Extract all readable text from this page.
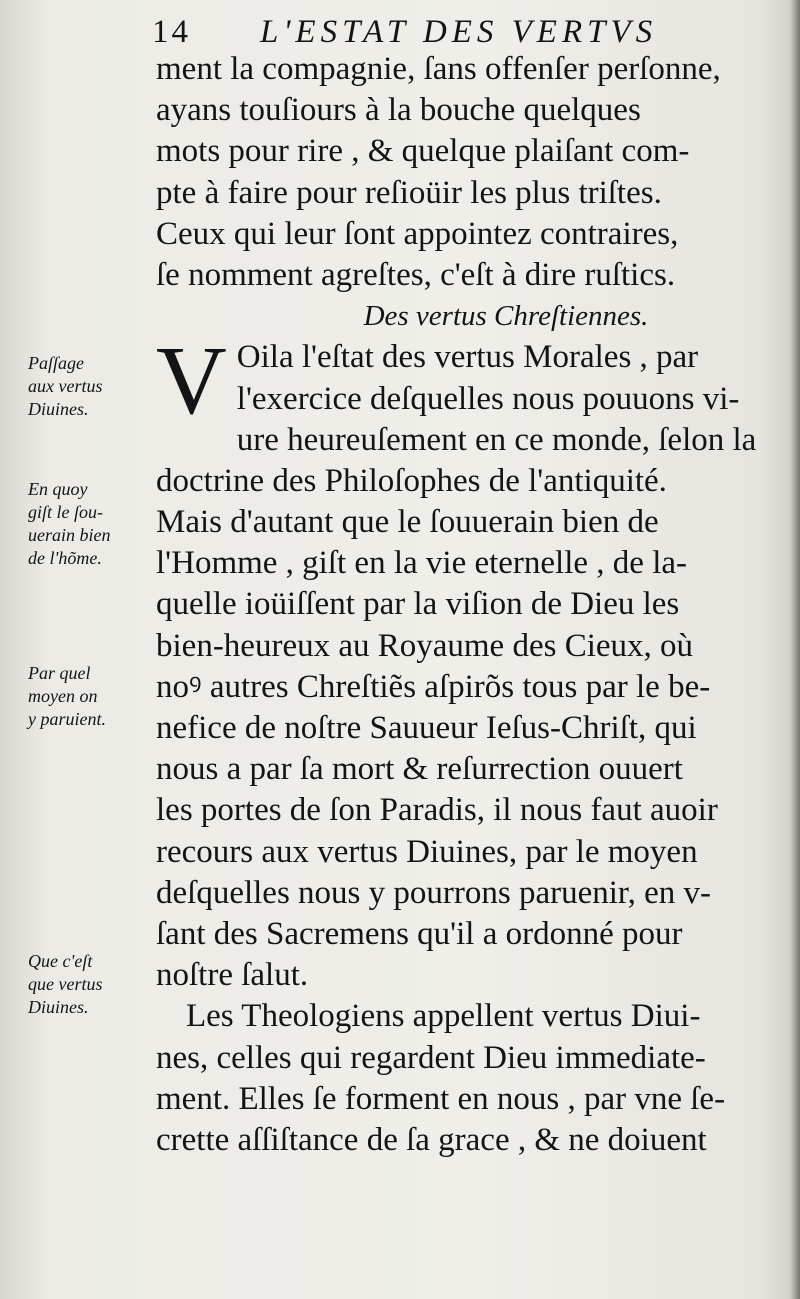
14 L'ESTAT DES VERTVS
ment la compagnie, ſans offenſer perſonne,
ayans touſiours à la bouche quelques
mots pour rire , & quelque plaiſant com-
pte à faire pour reſioüir les plus triſtes.
Ceux qui leur ſont appointez contraires,
ſe nomment agreſtes, c'eſt à dire ruſtics.
Des vertus Chreſtiennes.
V Oila l'eſtat des vertus Morales , par
l'exercice deſquelles nous pouuons vi-
ure heureuſement en ce monde, ſelon la
doctrine des Philoſophes de l'antiquité.
Mais d'autant que le ſouuerain bien de
l'Homme , giſt en la vie eternelle , de la-
quelle ioüiſſent par la viſion de Dieu les
bien-heureux au Royaume des Cieux, où
noꝰ autres Chreſtiẽs aſpirõs tous par le be-
nefice de noſtre Sauueur Ieſus-Chriſt, qui
nous a par ſa mort & reſurrection ouuert
les portes de ſon Paradis, il nous faut auoir
recours aux vertus Diuines, par le moyen
deſquelles nous y pourrons paruenir, en v-
ſant des Sacremens qu'il a ordonné pour
noſtre ſalut.
Les Theologiens appellent vertus Diui-
nes, celles qui regardent Dieu immediate-
ment. Elles ſe forment en nous , par vne ſe-
crette aſſiſtance de ſa grace , & ne doiuent
Paſſage
aux vertus
Diuines.
En quoy
giſt le ſou-
uerain bien
de l'hõme.
Par quel
moyen on
y paruient.
Que c'eſt
que vertus
Diuines.
